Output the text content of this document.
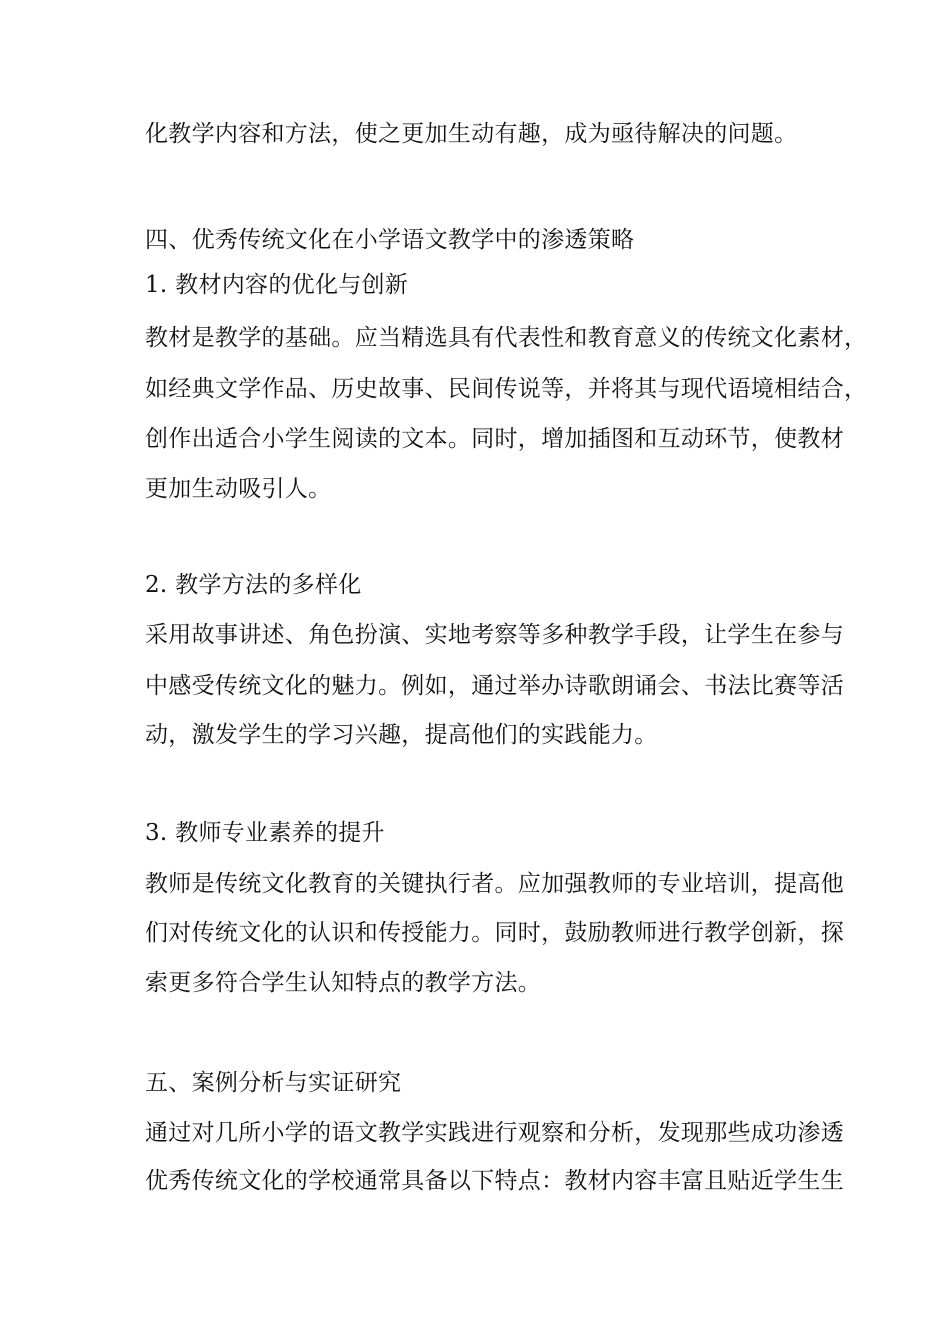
化教学内容和方法，使之更加生动有趣，成为亟待解决的问题。
四、优秀传统文化在小学语文教学中的渗透策略
1. 教材内容的优化与创新
教材是教学的基础。应当精选具有代表性和教育意义的传统文化素材，
如经典文学作品、历史故事、民间传说等，并将其与现代语境相结合，
创作出适合小学生阅读的文本。同时，增加插图和互动环节，使教材
更加生动吸引人。
2. 教学方法的多样化
采用故事讲述、角色扮演、实地考察等多种教学手段，让学生在参与
中感受传统文化的魅力。例如，通过举办诗歌朗诵会、书法比赛等活
动，激发学生的学习兴趣，提高他们的实践能力。
3. 教师专业素养的提升
教师是传统文化教育的关键执行者。应加强教师的专业培训，提高他
们对传统文化的认识和传授能力。同时，鼓励教师进行教学创新，探
索更多符合学生认知特点的教学方法。
五、案例分析与实证研究
通过对几所小学的语文教学实践进行观察和分析，发现那些成功渗透
优秀传统文化的学校通常具备以下特点：教材内容丰富且贴近学生生
